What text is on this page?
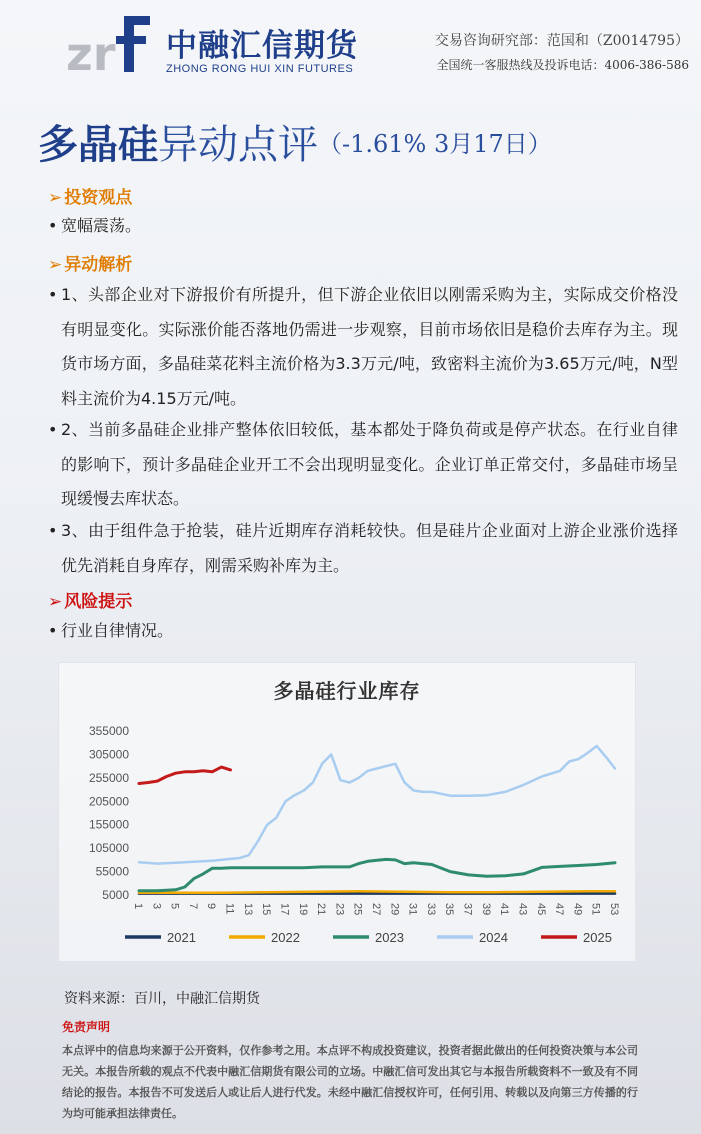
zr 中融汇信期货
ZHONG RONG HUI XIN FUTURES
交易咨询研究部：范国和（Z0014795）
全国统一客服热线及投诉电话：4006-386-586
多晶硅异动点评（-1.61% 3月17日）
➢ 投资观点
• 宽幅震荡。
➢ 异动解析
• 1、头部企业对下游报价有所提升，但下游企业依旧以刚需采购为主，实际成交价格没有明显变化。实际涨价能否落地仍需进一步观察，目前市场依旧是稳价去库存为主。现货市场方面，多晶硅菜花料主流价格为3.3万元/吨，致密料主流价为3.65万元/吨，N型料主流价为4.15万元/吨。
• 2、当前多晶硅企业排产整体依旧较低，基本都处于降负荷或是停产状态。在行业自律的影响下，预计多晶硅企业开工不会出现明显变化。企业订单正常交付，多晶硅市场呈现缓慢去库状态。
• 3、由于组件急于抢装，硅片近期库存消耗较快。但是硅片企业面对上游企业涨价选择优先消耗自身库存，刚需采购补库为主。
➢ 风险提示
• 行业自律情况。
多晶硅行业库存
5000
55000
105000
155000
205000
255000
305000
355000
1 3 5 7 9 11 13 15 17 19 21 23 25 27 29 31 33 35 37 39 41 43 45 47 49 51 53
2021	2022	2023	2024	2025
资料来源：百川，中融汇信期货
免责声明
本点评中的信息均来源于公开资料，仅作参考之用。本点评不构成投资建议，投资者据此做出的任何投资决策与本公司无关。本报告所载的观点不代表中融汇信期货有限公司的立场。中融汇信可发出其它与本报告所载资料不一致及有不同结论的报告。本报告不可发送后人或让后人进行代发。未经中融汇信授权许可，任何引用、转载以及向第三方传播的行为均可能承担法律责任。
